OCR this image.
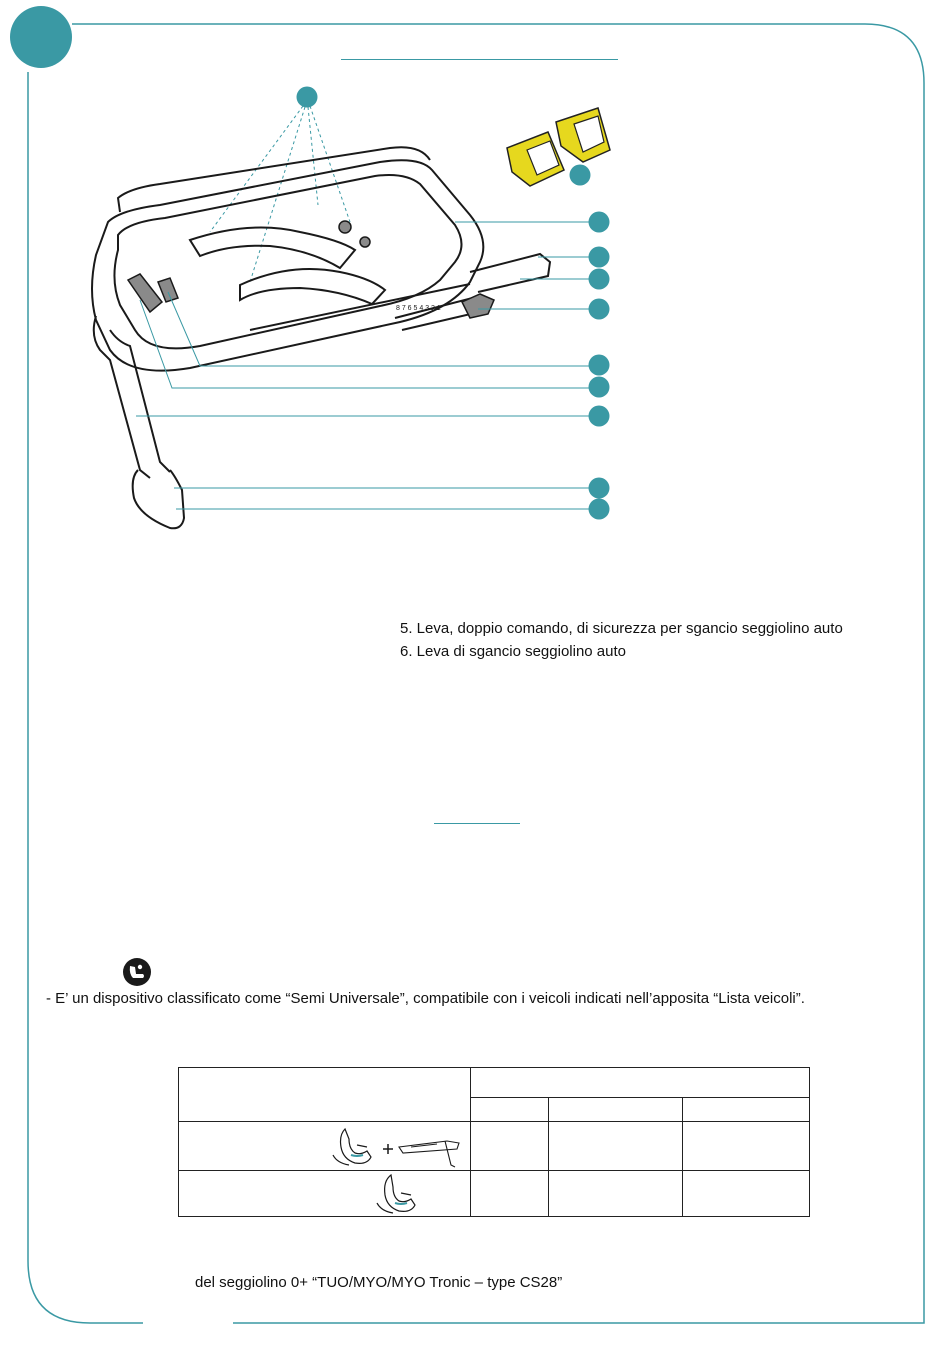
8 7 6 5 4 3 2 1
5. Leva, doppio comando, di sicurezza per sgancio seggiolino auto
6. Leva di sgancio seggiolino auto
- E’ un dispositivo classificato come “Semi Universale”, compatibile con i veicoli indicati nell’apposita “Lista veicoli”.

del seggiolino 0+ “TUO/MYO/MYO Tronic – type CS28”
